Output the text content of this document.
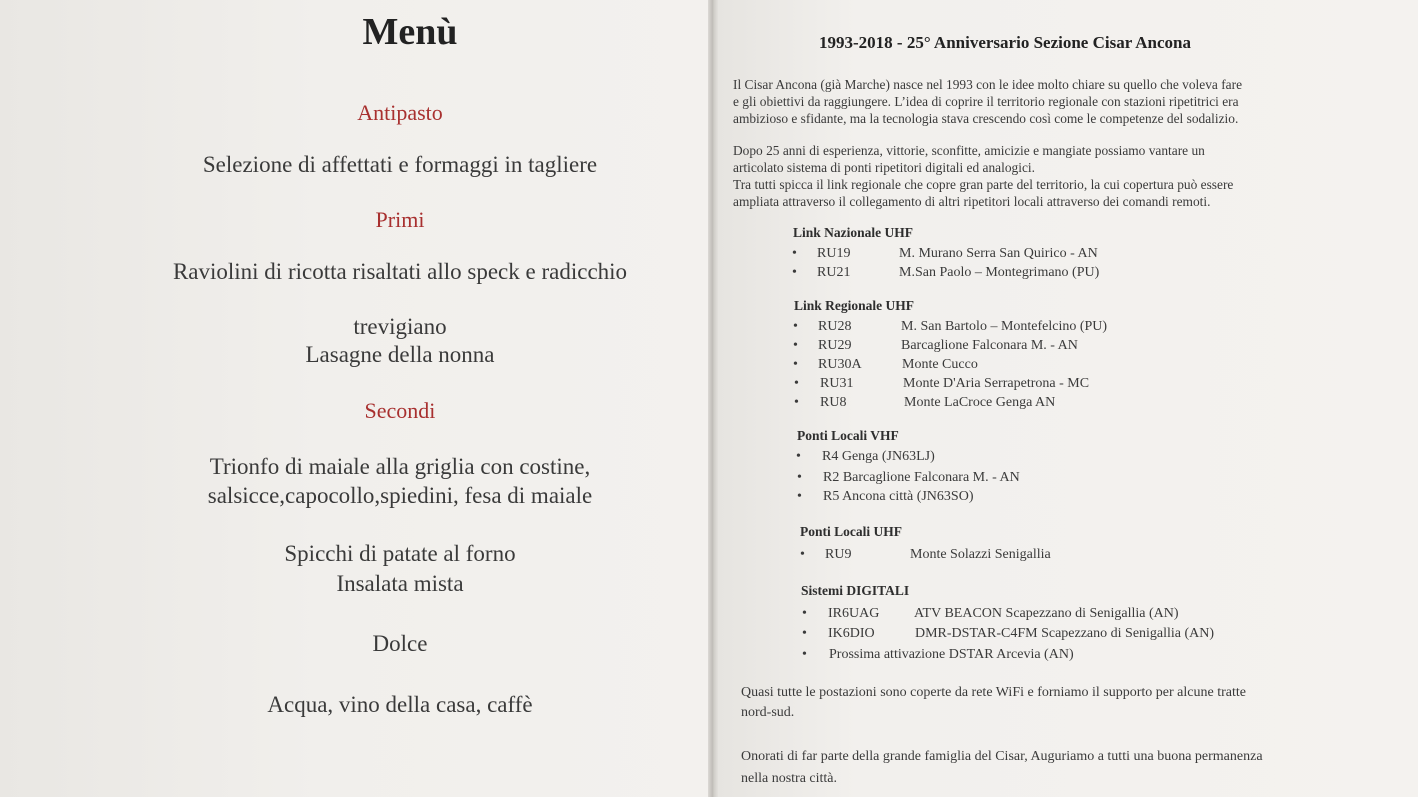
Menù
Antipasto
Selezione di affettati e formaggi in tagliere
Primi
Raviolini di ricotta risaltati allo speck e radicchio
trevigiano
Lasagne della nonna
Secondi
Trionfo di maiale alla griglia con costine,
salsicce,capocollo,spiedini, fesa di maiale
Spicchi di patate al forno
Insalata mista
Dolce
Acqua, vino della casa, caffè
1993-2018 - 25° Anniversario Sezione Cisar Ancona
Il Cisar Ancona (già Marche) nasce nel 1993 con le idee molto chiare su quello che voleva fare
e gli obiettivi da raggiungere. L’idea di coprire il territorio regionale con stazioni ripetitrici era
ambizioso e sfidante, ma la tecnologia stava crescendo così come le competenze del sodalizio.
Dopo 25 anni di esperienza, vittorie, sconfitte, amicizie e mangiate possiamo vantare un
articolato sistema di ponti ripetitori digitali ed analogici.
Tra tutti spicca il link regionale che copre gran parte del territorio, la cui copertura può essere
ampliata attraverso il collegamento di altri ripetitori locali attraverso dei comandi remoti.
Link Nazionale UHF
• RU19	M. Murano Serra San Quirico - AN
• RU21	M.San Paolo – Montegrimano (PU)
Link Regionale UHF
• RU28	M. San Bartolo – Montefelcino (PU)
• RU29	Barcaglione Falconara M. - AN
• RU30A	Monte Cucco
• RU31	Monte D'Aria Serrapetrona - MC
• RU8	Monte LaCroce Genga AN
Ponti Locali VHF
• R4 Genga (JN63LJ)
• R2 Barcaglione Falconara M. - AN
• R5 Ancona città (JN63SO)
Ponti Locali UHF
• RU9	Monte Solazzi Senigallia
Sistemi DIGITALI
• IR6UAG ATV BEACON Scapezzano di Senigallia (AN)
• IK6DIO	DMR-DSTAR-C4FM Scapezzano di Senigallia (AN)
• Prossima attivazione DSTAR Arcevia (AN)
Quasi tutte le postazioni sono coperte da rete WiFi e forniamo il supporto per alcune tratte
nord-sud.
Onorati di far parte della grande famiglia del Cisar, Auguriamo a tutti una buona permanenza
nella nostra città.
